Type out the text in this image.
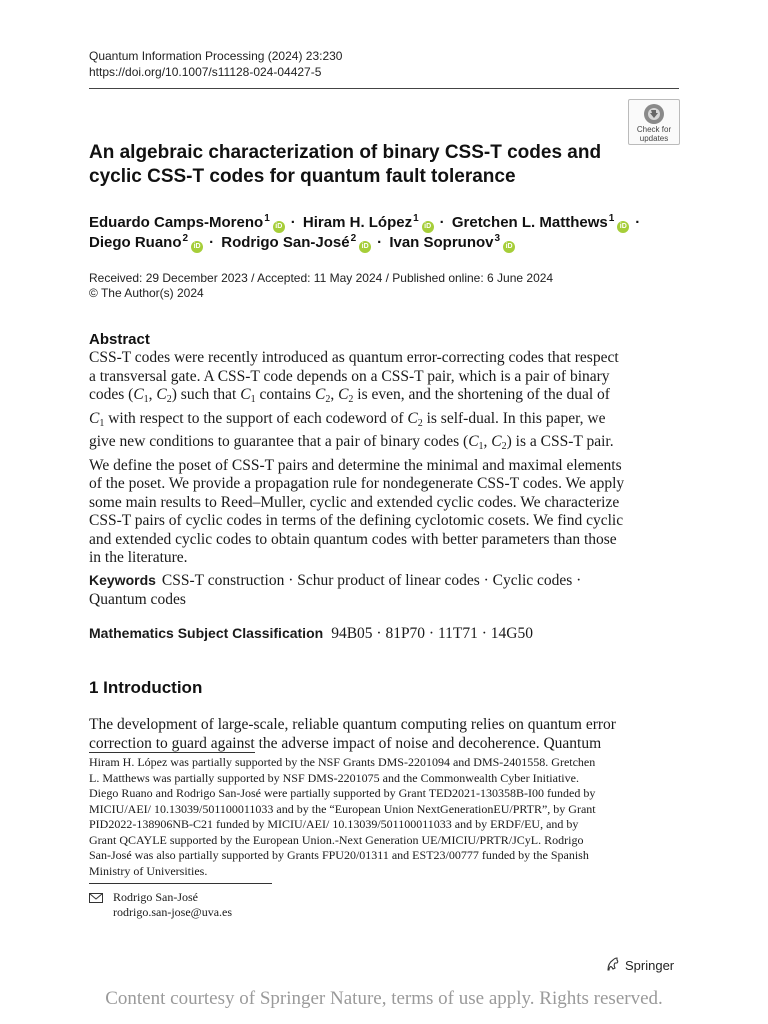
Quantum Information Processing (2024) 23:230
https://doi.org/10.1007/s11128-024-04427-5
Check for
updates
An algebraic characterization of binary CSS-T codes and
cyclic CSS-T codes for quantum fault tolerance
Eduardo Camps-Moreno$^1$iD · Hiram H. López$^1$iD · Gretchen L. Matthews$^1$iD ·
Diego Ruano$^2$iD · Rodrigo San-José$^2$iD · Ivan Soprunov$^3$iD
Received: 29 December 2023 / Accepted: 11 May 2024 / Published online: 6 June 2024
© The Author(s) 2024
Abstract
CSS-T codes were recently introduced as quantum error-correcting codes that respect
a transversal gate. A CSS-T code depends on a CSS-T pair, which is a pair of binary
codes ($C_1$, $C_2$) such that $C_1$ contains $C_2$, $C_2$ is even, and the shortening of the dual of
$C_1$ with respect to the support of each codeword of $C_2$ is self-dual. In this paper, we
give new conditions to guarantee that a pair of binary codes ($C_1$, $C_2$) is a CSS-T pair.
We define the poset of CSS-T pairs and determine the minimal and maximal elements
of the poset. We provide a propagation rule for nondegenerate CSS-T codes. We apply
some main results to Reed–Muller, cyclic and extended cyclic codes. We characterize
CSS-T pairs of cyclic codes in terms of the defining cyclotomic cosets. We find cyclic
and extended cyclic codes to obtain quantum codes with better parameters than those
in the literature.
Keywords CSS-T construction · Schur product of linear codes · Cyclic codes ·
Quantum codes
Mathematics Subject Classification 94B05 · 81P70 · 11T71 · 14G50
1 Introduction
The development of large-scale, reliable quantum computing relies on quantum error
correction to guard against the adverse impact of noise and decoherence. Quantum
Hiram H. López was partially supported by the NSF Grants DMS-2201094 and DMS-2401558. Gretchen
L. Matthews was partially supported by NSF DMS-2201075 and the Commonwealth Cyber Initiative.
Diego Ruano and Rodrigo San-José were partially supported by Grant TED2021-130358B-I00 funded by
MICIU/AEI/ 10.13039/501100011033 and by the “European Union NextGenerationEU/PRTR”, by Grant
PID2022-138906NB-C21 funded by MICIU/AEI/ 10.13039/501100011033 and by ERDF/EU, and by
Grant QCAYLE supported by the European Union.-Next Generation UE/MICIU/PRTR/JCyL. Rodrigo
San-José was also partially supported by Grants FPU20/01311 and EST23/00777 funded by the Spanish
Ministry of Universities.
Rodrigo San-José
rodrigo.san-jose@uva.es
Springer
Content courtesy of Springer Nature, terms of use apply. Rights reserved.
